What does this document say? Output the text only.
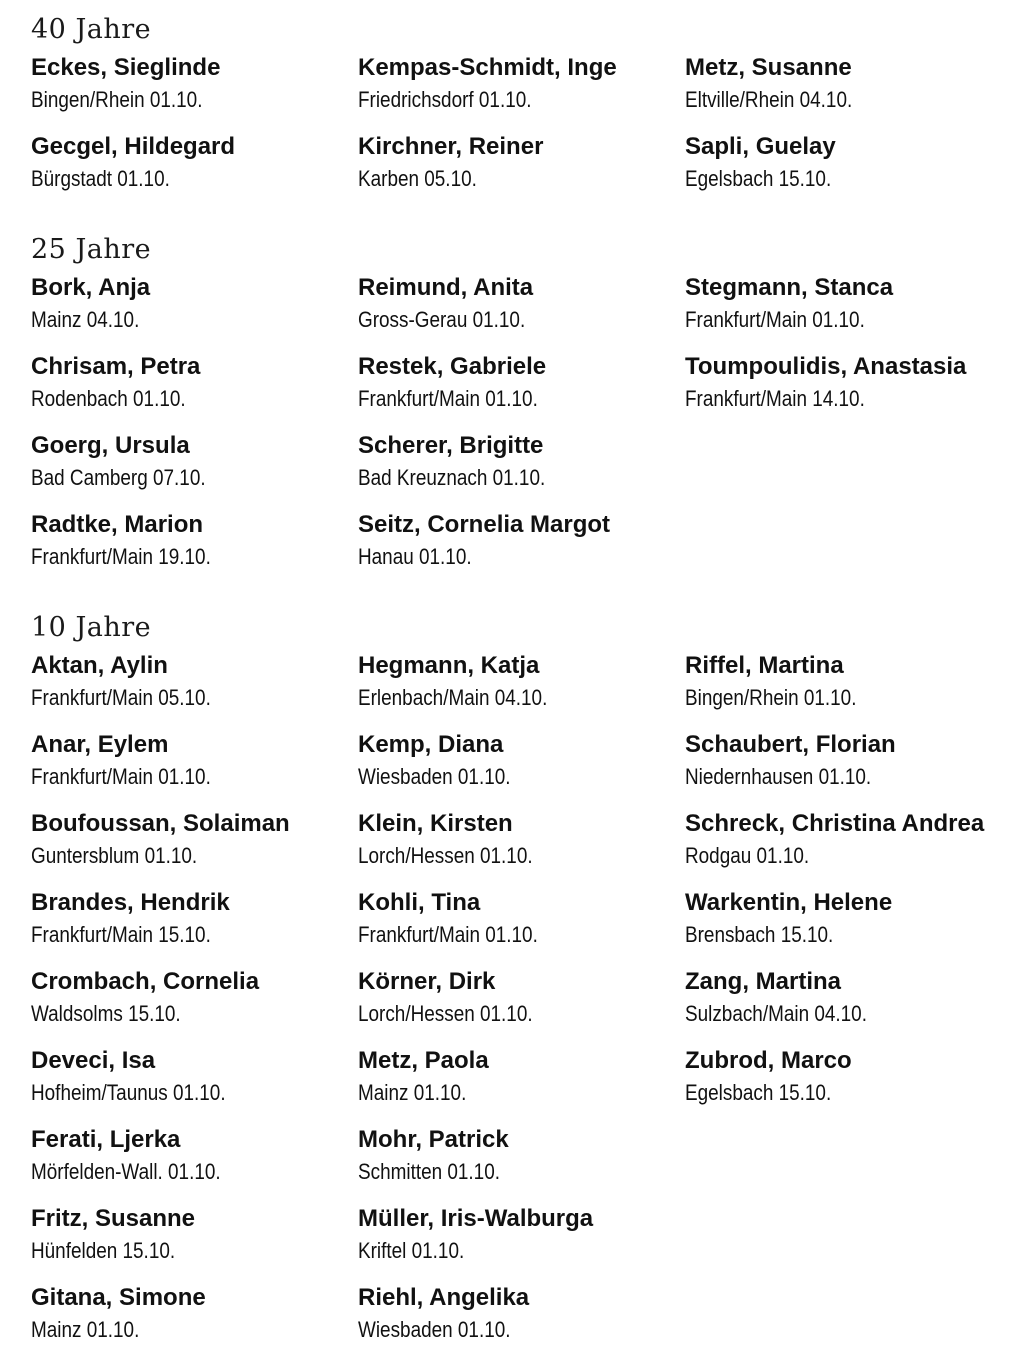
40 Jahre
Eckes, Sieglinde
Bingen/Rhein 01.10.
Gecgel, Hildegard
Bürgstadt 01.10.
Kempas-Schmidt, Inge
Friedrichsdorf 01.10.
Kirchner, Reiner
Karben 05.10.
Metz, Susanne
Eltville/Rhein 04.10.
Sapli, Guelay
Egelsbach 15.10.
25 Jahre
Bork, Anja
Mainz 04.10.
Chrisam, Petra
Rodenbach 01.10.
Goerg, Ursula
Bad Camberg 07.10.
Radtke, Marion
Frankfurt/Main 19.10.
Reimund, Anita
Gross-Gerau 01.10.
Restek, Gabriele
Frankfurt/Main 01.10.
Scherer, Brigitte
Bad Kreuznach 01.10.
Seitz, Cornelia Margot
Hanau 01.10.
Stegmann, Stanca
Frankfurt/Main 01.10.
Toumpoulidis, Anastasia
Frankfurt/Main 14.10.
10 Jahre
Aktan, Aylin
Frankfurt/Main 05.10.
Anar, Eylem
Frankfurt/Main 01.10.
Boufoussan, Solaiman
Guntersblum 01.10.
Brandes, Hendrik
Frankfurt/Main 15.10.
Crombach, Cornelia
Waldsolms 15.10.
Deveci, Isa
Hofheim/Taunus 01.10.
Ferati, Ljerka
Mörfelden-Wall. 01.10.
Fritz, Susanne
Hünfelden 15.10.
Gitana, Simone
Mainz 01.10.
Hegmann, Katja
Erlenbach/Main 04.10.
Kemp, Diana
Wiesbaden 01.10.
Klein, Kirsten
Lorch/Hessen 01.10.
Kohli, Tina
Frankfurt/Main 01.10.
Körner, Dirk
Lorch/Hessen 01.10.
Metz, Paola
Mainz 01.10.
Mohr, Patrick
Schmitten 01.10.
Müller, Iris-Walburga
Kriftel 01.10.
Riehl, Angelika
Wiesbaden 01.10.
Riffel, Martina
Bingen/Rhein 01.10.
Schaubert, Florian
Niedernhausen 01.10.
Schreck, Christina Andrea
Rodgau 01.10.
Warkentin, Helene
Brensbach 15.10.
Zang, Martina
Sulzbach/Main 04.10.
Zubrod, Marco
Egelsbach 15.10.
